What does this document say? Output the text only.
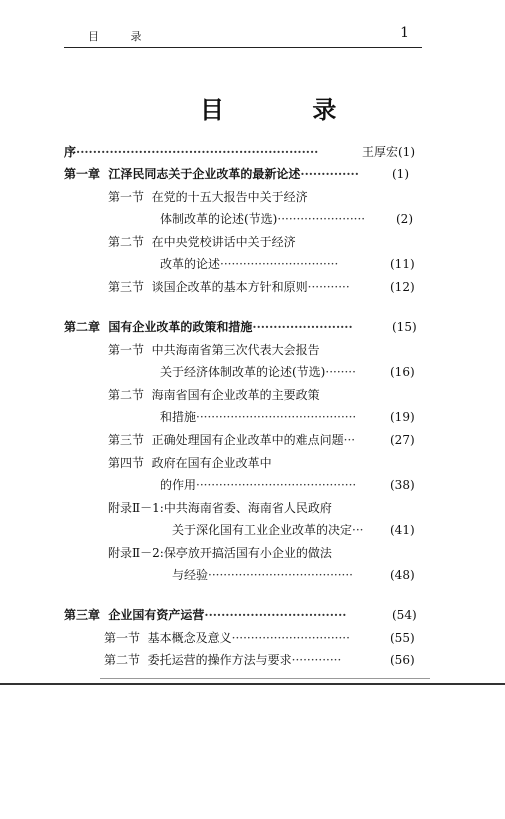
目 录	1
目 录
序··························································	王厚宏(1)
第一章 江泽民同志关于企业改革的最新论述··············	(1)
第一节 在党的十五大报告中关于经济
体制改革的论述(节选)·······················	(2)
第二节 在中央党校讲话中关于经济
改革的论述·······························	(11)
第三节 谈国企改革的基本方针和原则···········	(12)
第二章 国有企业改革的政策和措施························	(15)
第一节 中共海南省第三次代表大会报告
关于经济体制改革的论述(节选)········	(16)
第二节 海南省国有企业改革的主要政策
和措施··········································	(19)
第三节 正确处理国有企业改革中的难点问题···	(27)
第四节 政府在国有企业改革中
的作用··········································	(38)
附录Ⅱ－1:中共海南省委、海南省人民政府
关于深化国有工业企业改革的决定··· (41)
附录Ⅱ－2:保亭放开搞活国有小企业的做法
与经验······································	(48)
第三章 企业国有资产运营··································	(54)
第一节 基本概念及意义·······························	(55)
第二节 委托运营的操作方法与要求·············	(56)
